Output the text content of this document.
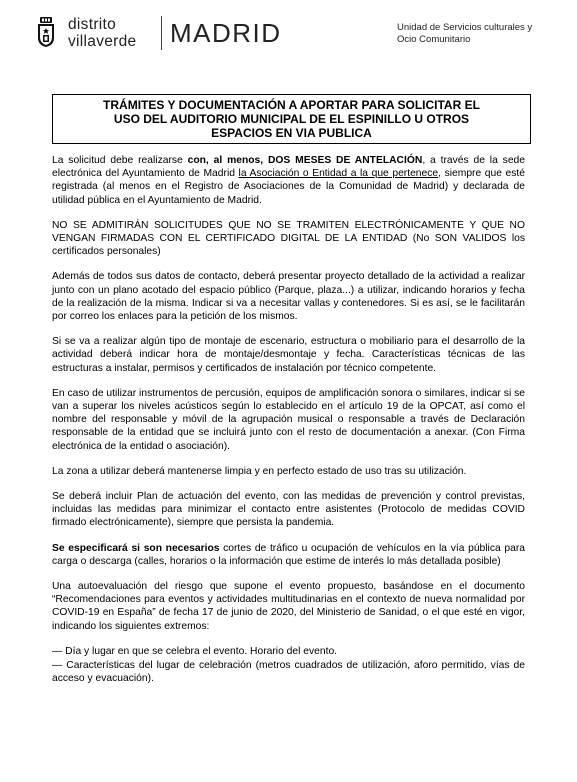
distrito
villaverde MADRID	Unidad de Servicios culturales y
Ocio Comunitario
TRÁMITES Y DOCUMENTACIÓN A APORTAR PARA SOLICITAR EL
USO DEL AUDITORIO MUNICIPAL DE EL ESPINILLO U OTROS
ESPACIOS EN VIA PUBLICA

La solicitud debe realizarse con, al menos, DOS MESES DE ANTELACIÓN, a través de la sede electrónica del Ayuntamiento de Madrid la Asociación o Entidad a la que pertenece, siempre que esté registrada (al menos en el Registro de Asociaciones de la Comunidad de Madrid) y declarada de utilidad pública en el Ayuntamiento de Madrid.

NO SE ADMITIRÁN SOLICITUDES QUE NO SE TRAMITEN ELECTRÓNICAMENTE Y QUE NO VENGAN FIRMADAS CON EL CERTIFICADO DIGITAL DE LA ENTIDAD (No SON VALIDOS los certificados personales)

Además de todos sus datos de contacto, deberá presentar proyecto detallado de la actividad a realizar junto con un plano acotado del espacio público (Parque, plaza...) a utilizar, indicando horarios y fecha de la realización de la misma. Indicar si va a necesitar vallas y contenedores. Si es así, se le facilitarán por correo los enlaces para la petición de los mismos.

Si se va a realizar algún tipo de montaje de escenario, estructura o mobiliario para el desarrollo de la actividad deberá indicar hora de montaje/desmontaje y fecha. Características técnicas de las estructuras a instalar, permisos y certificados de instalación por técnico competente.

En caso de utilizar instrumentos de percusión, equipos de amplificación sonora o similares, indicar si se van a superar los niveles acústicos según lo establecido en el artículo 19 de la OPCAT, así como el nombre del responsable y móvil de la agrupación musical o responsable a través de Declaración responsable de la entidad que se incluirá junto con el resto de documentación a anexar. (Con Firma electrónica de la entidad o asociación).

La zona a utilizar deberá mantenerse limpia y en perfecto estado de uso tras su utilización.

Se deberá incluir Plan de actuación del evento, con las medidas de prevención y control previstas, incluidas las medidas para minimizar el contacto entre asistentes (Protocolo de medidas COVID firmado electrónicamente), siempre que persista la pandemia.

Se especificará si son necesarios cortes de tráfico u ocupación de vehículos en la vía pública para carga o descarga (calles, horarios o la información que estime de interés lo más detallada posible)

Una autoevaluación del riesgo que supone el evento propuesto, basándose en el documento “Recomendaciones para eventos y actividades multitudinarias en el contexto de nueva normalidad por COVID-19 en España” de fecha 17 de junio de 2020, del Ministerio de Sanidad, o el que esté en vigor, indicando los siguientes extremos:

— Día y lugar en que se celebra el evento. Horario del evento.
— Características del lugar de celebración (metros cuadrados de utilización, aforo permitido, vías de acceso y evacuación).
